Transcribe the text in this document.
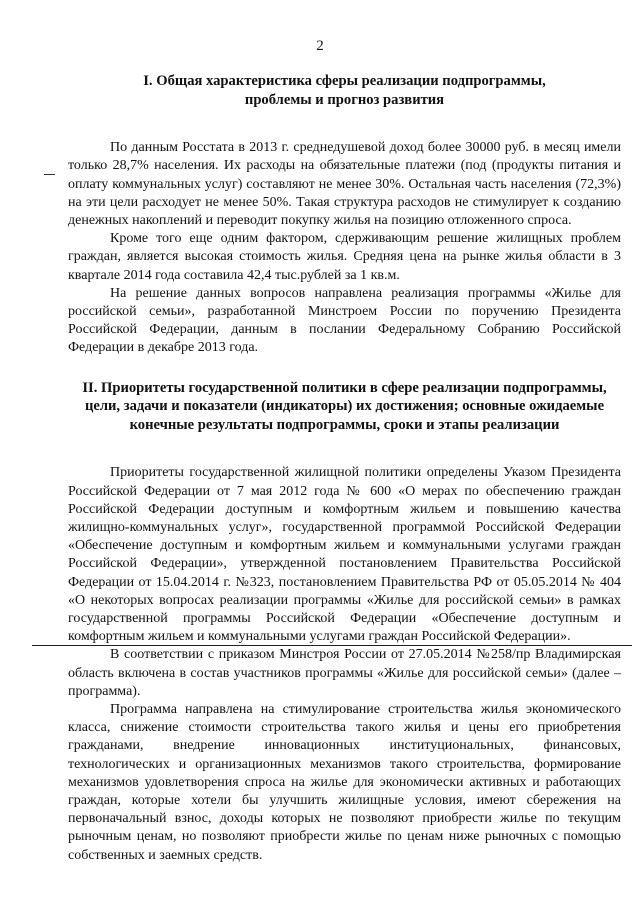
2
I. Общая характеристика сферы реализации подпрограммы,
проблемы и прогноз развития

По данным Росстата в 2013 г. среднедушевой доход более 30000 руб. в месяц имели только 28,7% населения. Их расходы на обязательные платежи (под (продукты питания и оплату коммунальных услуг) составляют не менее 30%. Остальная часть населения (72,3%) на эти цели расходует не менее 50%. Такая структура расходов не стимулирует к созданию денежных накоплений и переводит покупку жилья на позицию отложенного спроса.

Кроме того еще одним фактором, сдерживающим решение жилищных проблем граждан, является высокая стоимость жилья. Средняя цена на рынке жилья области в 3 квартале 2014 года составила 42,4 тыс.рублей за 1 кв.м.

На решение данных вопросов направлена реализация программы «Жилье для российской семьи», разработанной Минстроем России по поручению Президента Российской Федерации, данным в послании Федеральному Собранию Российской Федерации в декабре 2013 года.

II. Приоритеты государственной политики в сфере реализации подпрограммы,
цели, задачи и показатели (индикаторы) их достижения; основные ожидаемые
конечные результаты подпрограммы, сроки и этапы реализации

Приоритеты государственной жилищной политики определены Указом Президента Российской Федерации от 7 мая 2012 года № 600 «О мерах по обеспечению граждан Российской Федерации доступным и комфортным жильем и повышению качества жилищно-коммунальных услуг», государственной программой Российской Федерации «Обеспечение доступным и комфортным жильем и коммунальными услугами граждан Российской Федерации», утвержденной постановлением Правительства Российской Федерации от 15.04.2014 г. №323, постановлением Правительства РФ от 05.05.2014 № 404 «О некоторых вопросах реализации программы «Жилье для российской семьи» в рамках государственной программы Российской Федерации «Обеспечение доступным и комфортным жильем и коммунальными услугами граждан Российской Федерации».

В соответствии с приказом Минстроя России от 27.05.2014 №258/пр Владимирская область включена в состав участников программы «Жилье для российской семьи» (далее – программа).

Программа направлена на стимулирование строительства жилья экономического класса, снижение стоимости строительства такого жилья и цены его приобретения гражданами, внедрение инновационных институциональных, финансовых, технологических и организационных механизмов такого строительства, формирование механизмов удовлетворения спроса на жилье для экономически активных и работающих граждан, которые хотели бы улучшить жилищные условия, имеют сбережения на первоначальный взнос, доходы которых не позволяют приобрести жилье по текущим рыночным ценам, но позволяют приобрести жилье по ценам ниже рыночных с помощью собственных и заемных средств.
